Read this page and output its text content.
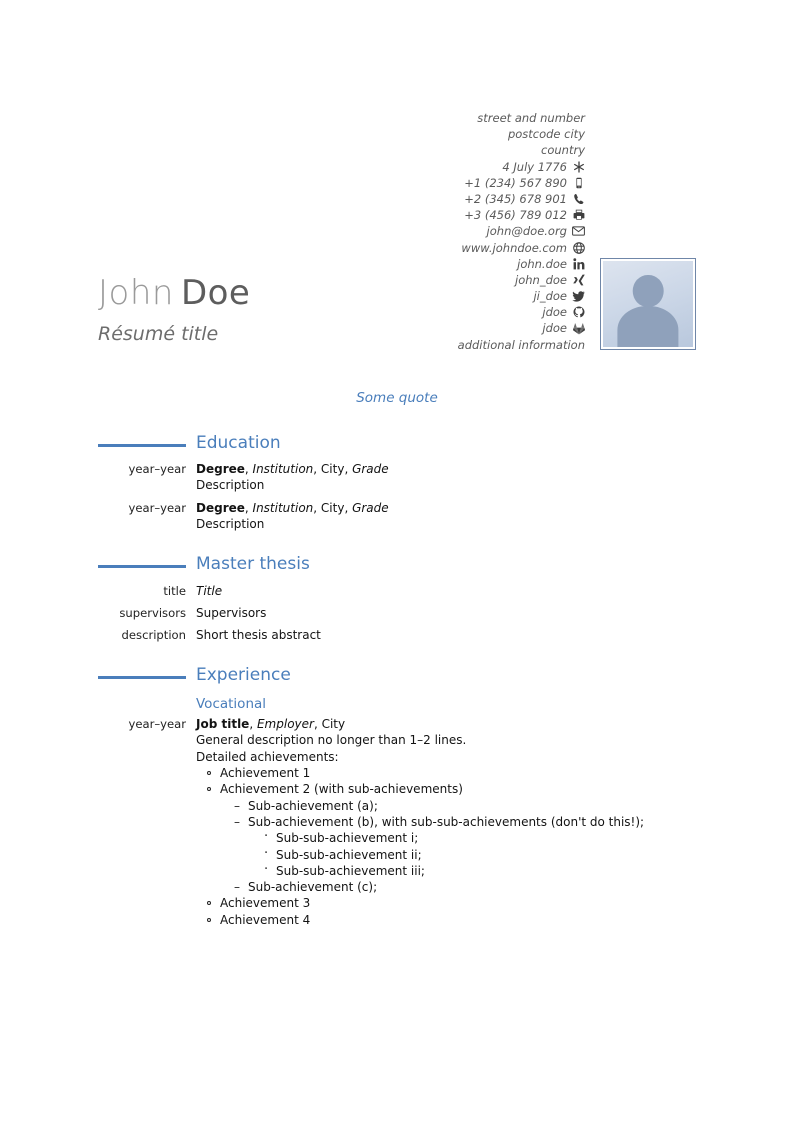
street and number
postcode city
country
4 July 1776
+1 (234) 567 890
+2 (345) 678 901
+3 (456) 789 012
john@doe.org
www.johndoe.com
john.doe
john_doe
ji_doe
jdoe
jdoe
additional information
John Doe
Résumé title
Some quote
Education
year–year Degree, Institution, City, Grade
Description
year–year Degree, Institution, City, Grade
Description
Master thesis
title Title
supervisors Supervisors
description Short thesis abstract
Experience
Vocational
year–year Job title, Employer, City
General description no longer than 1–2 lines.
Detailed achievements:
Achievement 1
Achievement 2 (with sub-achievements)
– Sub-achievement (a);
– Sub-achievement (b), with sub-sub-achievements (don't do this!);
· Sub-sub-achievement i;
· Sub-sub-achievement ii;
· Sub-sub-achievement iii;
– Sub-achievement (c);
Achievement 3
Achievement 4
